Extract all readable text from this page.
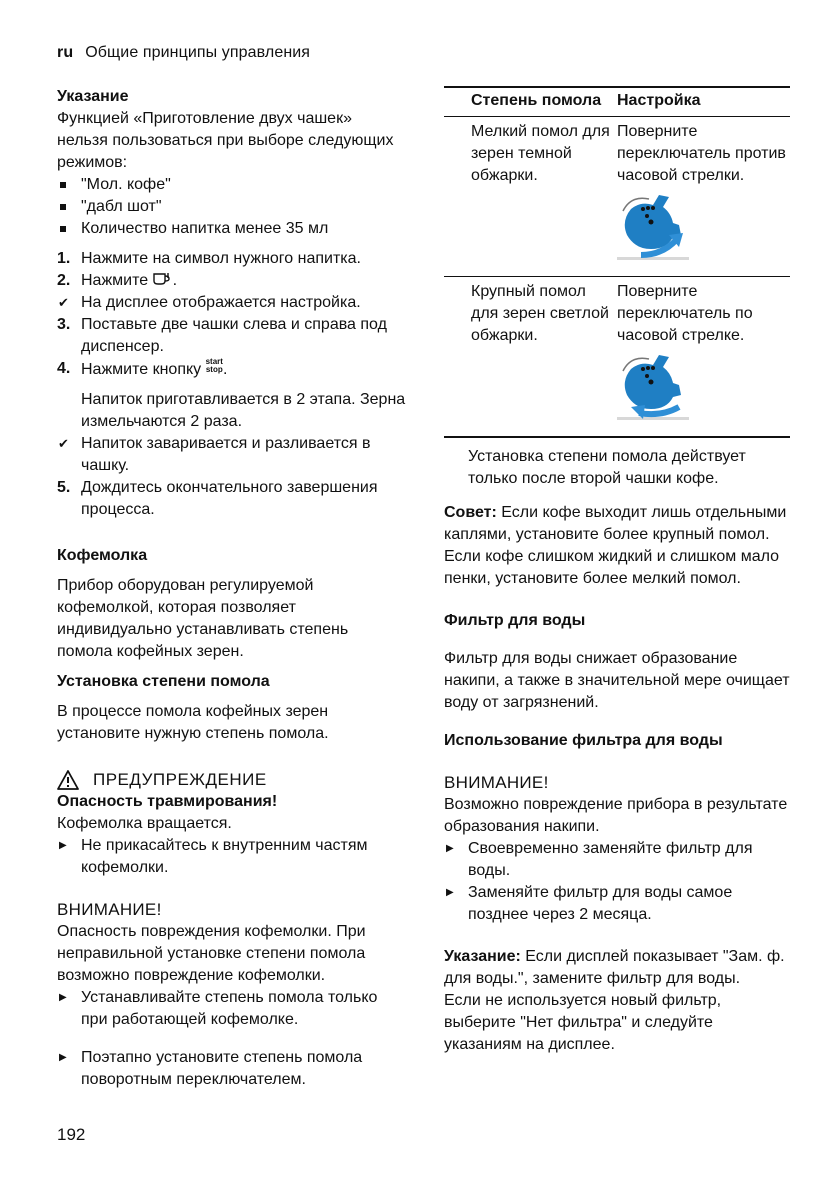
ru Общие принципы управления
Указание

Функцией «Приготовление двух чашек» нельзя пользоваться при выборе следующих режимов:

"Мол. кофе"
"дабл шот"
Количество напитка менее 35 мл
1. Нажмите на символ нужного напитка.
2. Нажмите .
✔ На дисплее отображается настройка.
3. Поставьте две чашки слева и справа под диспенсер.
4. Нажмите кнопку start
stop.

Напиток приготавливается в 2 этапа. Зерна измельчаются 2 раза.

✔ Напиток заваривается и разливается в чашку.
5. Дождитесь окончательного завершения процесса.
Кофемолка

Прибор оборудован регулируемой кофемолкой, которая позволяет индивидуально устанавливать степень помола кофейных зерен.

Установка степени помола

В процессе помола кофейных зерен установите нужную степень помола.

ПРЕДУПРЕЖДЕНИЕ
Опасность травмирования!

Кофемолка вращается.

▶ Не прикасайтесь к внутренним частям кофемолки.

ВНИМАНИЕ!

Опасность повреждения кофемолки. При неправильной установке степени помола возможно повреждение кофемолки.

▶ Устанавливайте степень помола только при работающей кофемолке.
▶ Поэтапно установите степень помола поворотным переключателем.
Степень помола Настройка
Мелкий помол для зерен темной обжарки.
Поверните переключатель против часовой стрелки.
Крупный помол для зерен светлой обжарки.
Поверните переключатель по часовой стрелке.

Установка степени помола действует только после второй чашки кофе.

Совет: Если кофе выходит лишь отдельными каплями, установите более крупный помол.

Если кофе слишком жидкий и слишком мало пенки, установите более мелкий помол.

Фильтр для воды

Фильтр для воды снижает образование накипи, а также в значительной мере очищает воду от загрязнений.

Использование фильтра для воды

ВНИМАНИЕ!

Возможно повреждение прибора в результате образования накипи.

▶ Своевременно заменяйте фильтр для воды.
▶ Заменяйте фильтр для воды самое позднее через 2 месяца.

Указание: Если дисплей показывает "Зам. ф. для воды.", замените фильтр для воды.

Если не используется новый фильтр, выберите "Нет фильтра" и следуйте указаниям на дисплее.

192
